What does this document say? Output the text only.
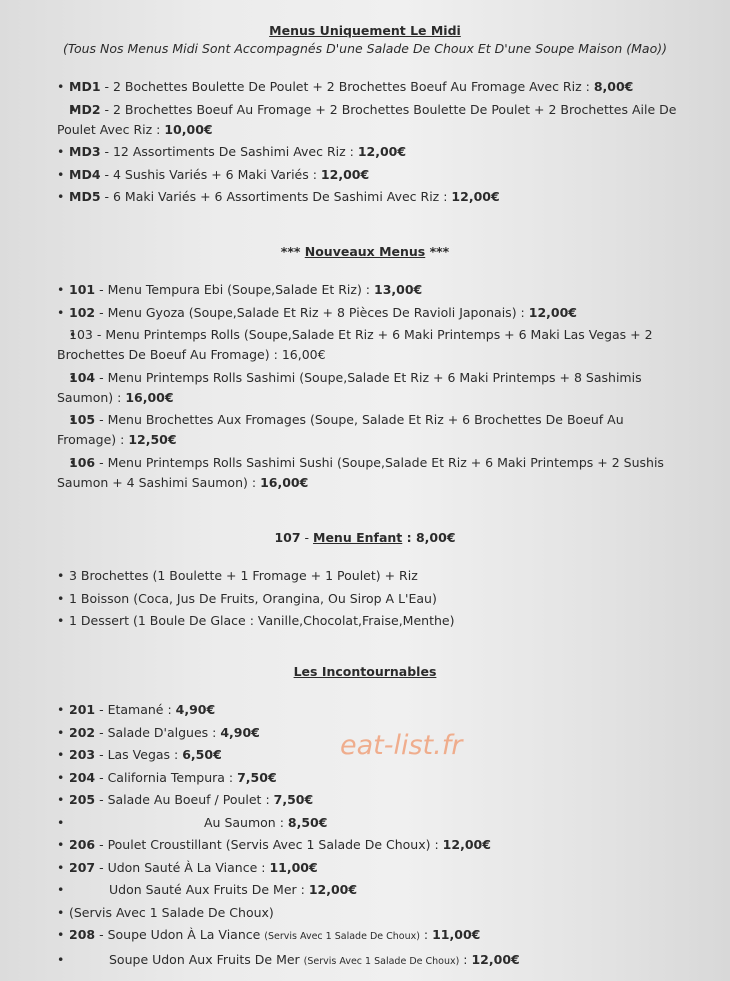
Menus Uniquement Le Midi
(Tous Nos Menus Midi Sont Accompagnés D'une Salade De Choux Et D'une Soupe Maison (Mao))
• MD1 - 2 Bochettes Boulette De Poulet + 2 Brochettes Boeuf Au Fromage Avec Riz : 8,00€
• MD2 - 2 Brochettes Boeuf Au Fromage + 2 Brochettes Boulette De Poulet + 2 Brochettes Aile De Poulet Avec Riz : 10,00€
• MD3 - 12 Assortiments De Sashimi Avec Riz : 12,00€
• MD4 - 4 Sushis Variés + 6 Maki Variés : 12,00€
• MD5 - 6 Maki Variés + 6 Assortiments De Sashimi Avec Riz : 12,00€
*** Nouveaux Menus ***
• 101 - Menu Tempura Ebi (Soupe,Salade Et Riz) : 13,00€
• 102 - Menu Gyoza (Soupe,Salade Et Riz + 8 Pièces De Ravioli Japonais) : 12,00€
• 103 - Menu Printemps Rolls (Soupe,Salade Et Riz + 6 Maki Printemps + 6 Maki Las Vegas + 2 Brochettes De Boeuf Au Fromage) : 16,00€
• 104 - Menu Printemps Rolls Sashimi (Soupe,Salade Et Riz + 6 Maki Printemps + 8 Sashimis Saumon) : 16,00€
• 105 - Menu Brochettes Aux Fromages (Soupe, Salade Et Riz + 6 Brochettes De Boeuf Au Fromage) : 12,50€
• 106 - Menu Printemps Rolls Sashimi Sushi (Soupe,Salade Et Riz + 6 Maki Printemps + 2 Sushis Saumon + 4 Sashimi Saumon) : 16,00€
107 - Menu Enfant : 8,00€
• 3 Brochettes (1 Boulette + 1 Fromage + 1 Poulet) + Riz
• 1 Boisson (Coca, Jus De Fruits, Orangina, Ou Sirop A L'Eau)
• 1 Dessert (1 Boule De Glace : Vanille,Chocolat,Fraise,Menthe)
Les Incontournables
• 201 - Etamané : 4,90€
• 202 - Salade D'algues : 4,90€
• 203 - Las Vegas : 6,50€
• 204 - California Tempura : 7,50€
• 205 - Salade Au Boeuf / Poulet : 7,50€
• Au Saumon : 8,50€
• 206 - Poulet Croustillant (Servis Avec 1 Salade De Choux) : 12,00€
• 207 - Udon Sauté À La Viance : 11,00€
• Udon Sauté Aux Fruits De Mer : 12,00€
• (Servis Avec 1 Salade De Choux)
• 208 - Soupe Udon À La Viance (Servis Avec 1 Salade De Choux) : 11,00€
• Soupe Udon Aux Fruits De Mer (Servis Avec 1 Salade De Choux) : 12,00€
eat-list.fr
